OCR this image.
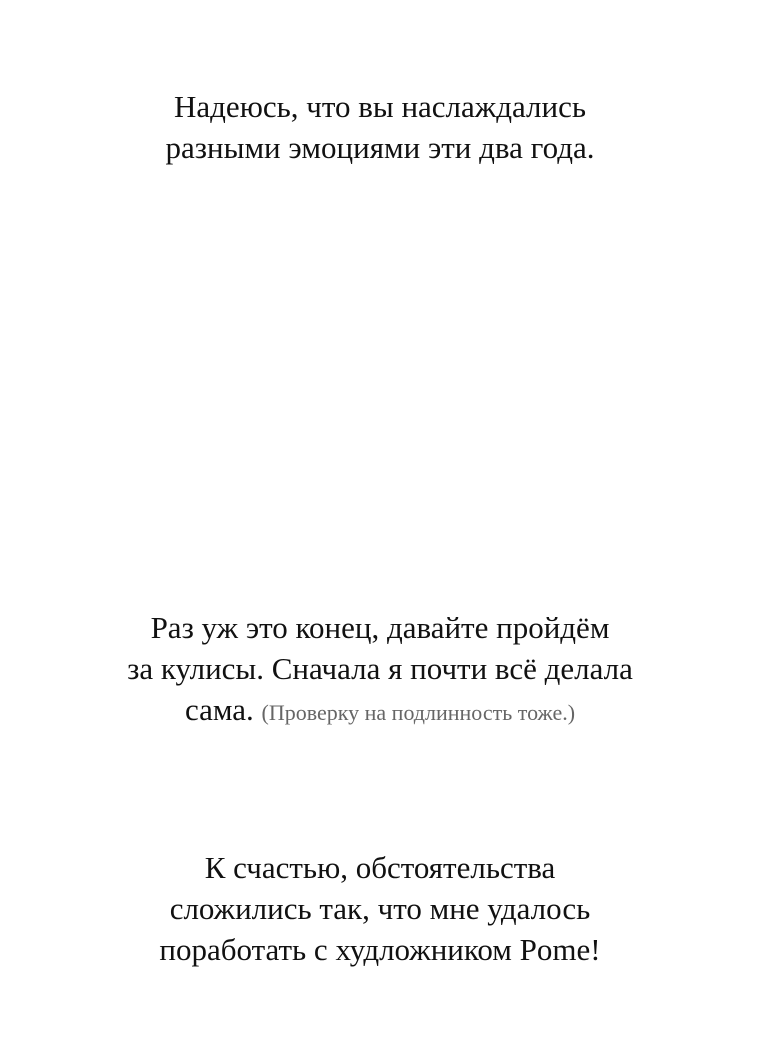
Надеюсь, что вы наслаждались

разными эмоциями эти два года.

Раз уж это конец, давайте пройдём

за кулисы. Сначала я почти всё делала

сама. (Проверку на подлинность тоже.)

К счастью, обстоятельства

сложились так, что мне удалось

поработать с худложником Pome!
